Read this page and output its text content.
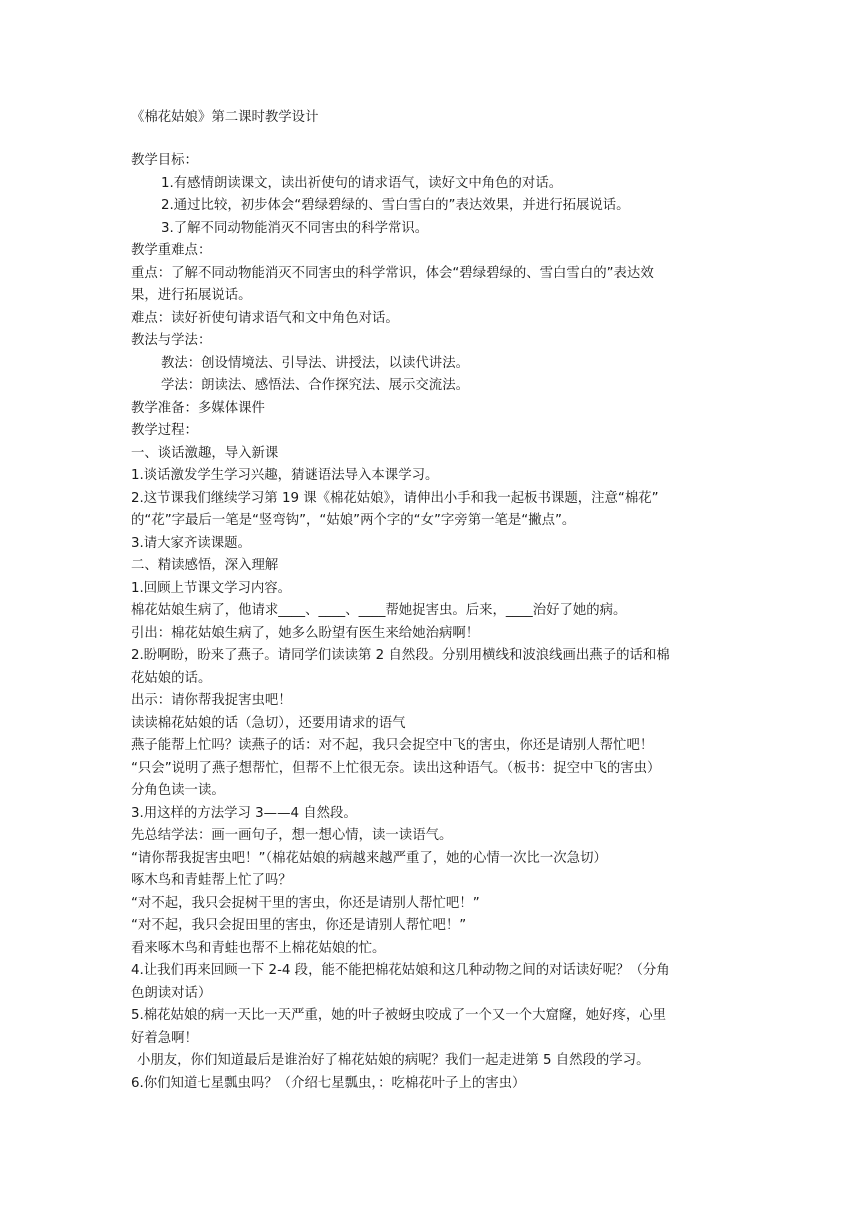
《棉花姑娘》第二课时教学设计
教学目标：
1.有感情朗读课文，读出祈使句的请求语气，读好文中角色的对话。
2.通过比较，初步体会“碧绿碧绿的、雪白雪白的”表达效果，并进行拓展说话。
3.了解不同动物能消灭不同害虫的科学常识。
教学重难点：
重点：了解不同动物能消灭不同害虫的科学常识，体会“碧绿碧绿的、雪白雪白的”表达效
果，进行拓展说话。
难点：读好祈使句请求语气和文中角色对话。
教法与学法：
教法：创设情境法、引导法、讲授法，以读代讲法。
学法：朗读法、感悟法、合作探究法、展示交流法。
教学准备：多媒体课件
教学过程：
一、谈话激趣，导入新课
1.谈话激发学生学习兴趣，猜谜语法导入本课学习。
2.这节课我们继续学习第 19 课《棉花姑娘》，请伸出小手和我一起板书课题，注意“棉花”
的“花”字最后一笔是“竖弯钩”，“姑娘”两个字的“女”字旁第一笔是“撇点”。
3.请大家齐读课题。
二、精读感悟，深入理解
1.回顾上节课文学习内容。
棉花姑娘生病了，他请求____、____、____帮她捉害虫。后来，____治好了她的病。
引出：棉花姑娘生病了，她多么盼望有医生来给她治病啊！
2.盼啊盼，盼来了燕子。请同学们读读第 2 自然段。分别用横线和波浪线画出燕子的话和棉
花姑娘的话。
出示：请你帮我捉害虫吧！
读读棉花姑娘的话（急切），还要用请求的语气
燕子能帮上忙吗？读燕子的话：对不起，我只会捉空中飞的害虫，你还是请别人帮忙吧！
“只会”说明了燕子想帮忙，但帮不上忙很无奈。读出这种语气。（板书：捉空中飞的害虫）
分角色读一读。
3.用这样的方法学习 3——4 自然段。
先总结学法：画一画句子，想一想心情，读一读语气。
“请你帮我捉害虫吧！”（棉花姑娘的病越来越严重了，她的心情一次比一次急切）
啄木鸟和青蛙帮上忙了吗？
“对不起，我只会捉树干里的害虫，你还是请别人帮忙吧！”
“对不起，我只会捉田里的害虫，你还是请别人帮忙吧！”
看来啄木鸟和青蛙也帮不上棉花姑娘的忙。
4.让我们再来回顾一下 2-4 段，能不能把棉花姑娘和这几种动物之间的对话读好呢？（分角
色朗读对话）
5.棉花姑娘的病一天比一天严重，她的叶子被蚜虫咬成了一个又一个大窟窿，她好疼，心里
好着急啊！
小朋友，你们知道最后是谁治好了棉花姑娘的病呢？我们一起走进第 5 自然段的学习。
6.你们知道七星瓢虫吗？（介绍七星瓢虫，：吃棉花叶子上的害虫）
